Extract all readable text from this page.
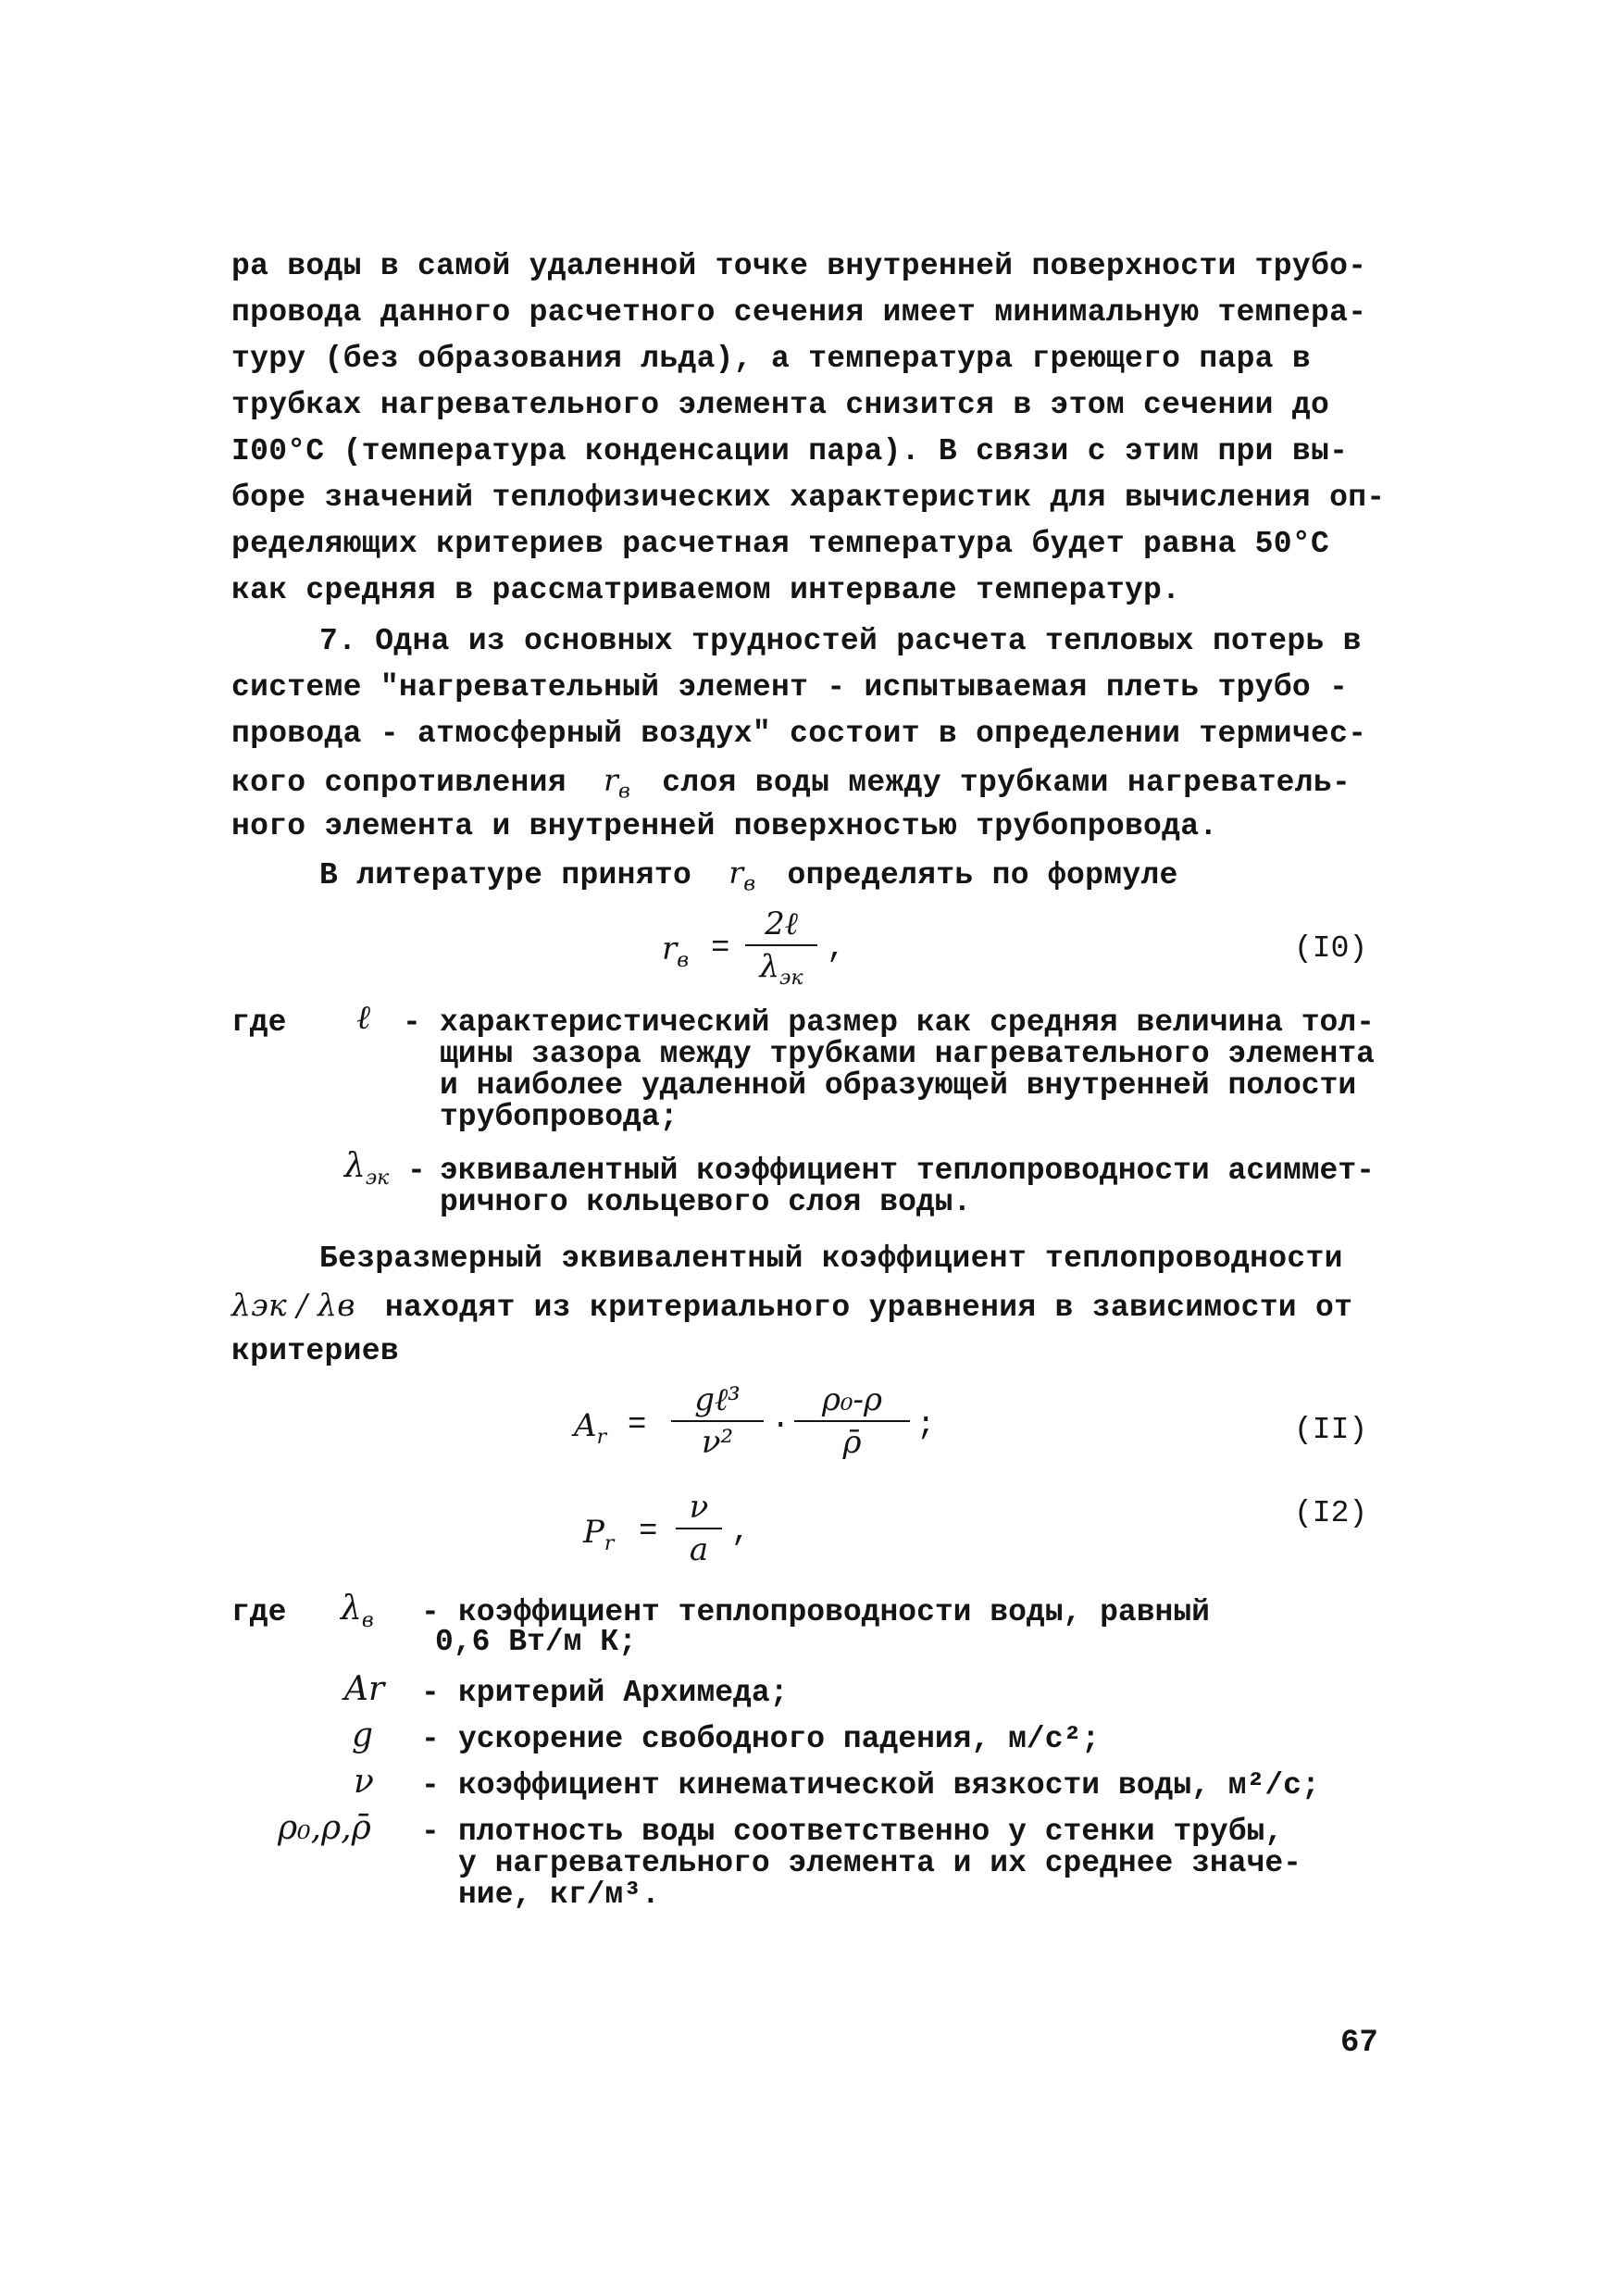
ра воды в самой удаленной точке внутренней поверхности трубо-
провода данного расчетного сечения имеет минимальную темпера-
туру (без образования льда), а температура греющего пара в
трубках нагревательного элемента снизится в этом сечении до
I00°C (температура конденсации пара). В связи с этим при вы-
боре значений теплофизических характеристик для вычисления оп-
ределяющих критериев расчетная температура будет равна 50°C
как средняя в рассматриваемом интервале температур.
7. Одна из основных трудностей расчета тепловых потерь в
системе "нагревательный элемент - испытываемая плеть трубо -
провода - атмосферный воздух" состоит в определении термичес-
кого сопротивления $r_в$ слоя воды между трубками нагреватель-
ного элемента и внутренней поверхностью трубопровода.
В литературе принято $r_в$ определять по формуле
$r_в$ =
2ℓ
$\lambda_{эк}$
,	(I0)
где ℓ - характеристический размер как средняя величина тол-
щины зазора между трубками нагревательного элемента
и наиболее удаленной образующей внутренней полости
трубопровода;
$\lambda_{эк}$ - эквивалентный коэффициент теплопроводности асиммет-
ричного кольцевого слоя воды.
Безразмерный эквивалентный коэффициент теплопроводности
λэк / λв находят из критериального уравнения в зависимости от
критериев
$A_r$ =
gℓ³
ν²	·
ρ₀-ρ
ρ̄	;	(II)
$P_r$ =
ν
a ,
(I2)
где $\lambda_в$ - коэффициент теплопроводности воды, равный
0,6 Вт/м К;
Ar - критерий Архимеда;
g - ускорение свободного падения, м/с²;
ν - коэффициент кинематической вязкости воды, м²/с;
ρ₀,ρ,ρ̄ - плотность воды соответственно у стенки трубы,
у нагревательного элемента и их среднее значе-
ние, кг/м³.
67
